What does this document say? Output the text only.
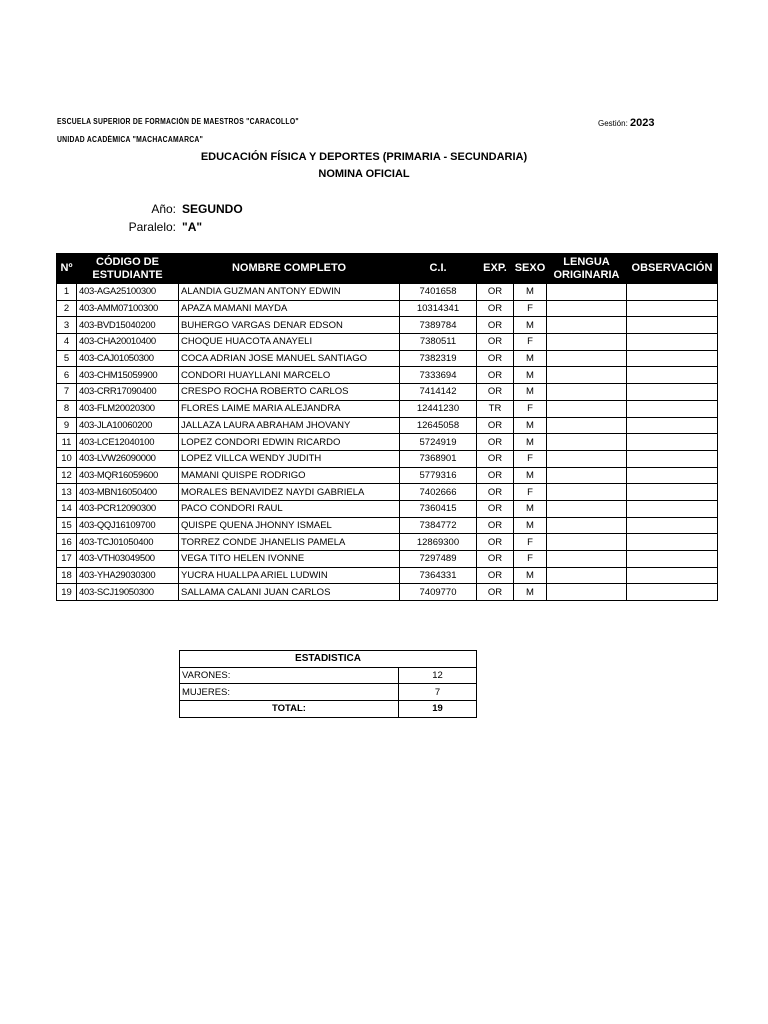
ESCUELA SUPERIOR DE FORMACIÓN DE MAESTROS "CARACOLLO"
UNIDAD ACADÉMICA "MACHACAMARCA"
Gestión: 2023
EDUCACIÓN FÍSICA Y DEPORTES (PRIMARIA - SECUNDARIA)
NOMINA OFICIAL
Año: SEGUNDO
Paralelo: "A"
Nº	CÓDIGO DE ESTUDIANTE	NOMBRE COMPLETO	C.I.	EXP.	SEXO	LENGUA ORIGINARIA	OBSERVACIÓN
1	403-AGA25100300	ALANDIA GUZMAN ANTONY EDWIN	7401658	OR	M		
2	403-AMM07100300	APAZA MAMANI MAYDA	10314341	OR	F		
3	403-BVD15040200	BUHERGO VARGAS DENAR EDSON	7389784	OR	M		
4	403-CHA20010400	CHOQUE HUACOTA ANAYELI	7380511	OR	F		
5	403-CAJ01050300	COCA ADRIAN JOSE MANUEL SANTIAGO	7382319	OR	M		
6	403-CHM15059900	CONDORI HUAYLLANI MARCELO	7333694	OR	M		
7	403-CRR17090400	CRESPO ROCHA ROBERTO CARLOS	7414142	OR	M		
8	403-FLM20020300	FLORES LAIME MARIA ALEJANDRA	12441230	TR	F		
9	403-JLA10060200	JALLAZA LAURA ABRAHAM JHOVANY	12645058	OR	M		
11	403-LCE12040100	LOPEZ CONDORI EDWIN RICARDO	5724919	OR	M		
10	403-LVW26090000	LOPEZ VILLCA WENDY JUDITH	7368901	OR	F		
12	403-MQR16059600	MAMANI QUISPE RODRIGO	5779316	OR	M		
13	403-MBN16050400	MORALES BENAVIDEZ NAYDI GABRIELA	7402666	OR	F		
14	403-PCR12090300	PACO CONDORI RAUL	7360415	OR	M		
15	403-QQJ16109700	QUISPE QUENA JHONNY ISMAEL	7384772	OR	M		
16	403-TCJ01050400	TORREZ CONDE JHANELIS PAMELA	12869300	OR	F		
17	403-VTH03049500	VEGA TITO HELEN IVONNE	7297489	OR	F		
18	403-YHA29030300	YUCRA HUALLPA ARIEL LUDWIN	7364331	OR	M		
19	403-SCJ19050300	SALLAMA CALANI JUAN CARLOS	7409770	OR	M		
ESTADISTICA	
VARONES:	12
MUJERES:	7
TOTAL:	19
